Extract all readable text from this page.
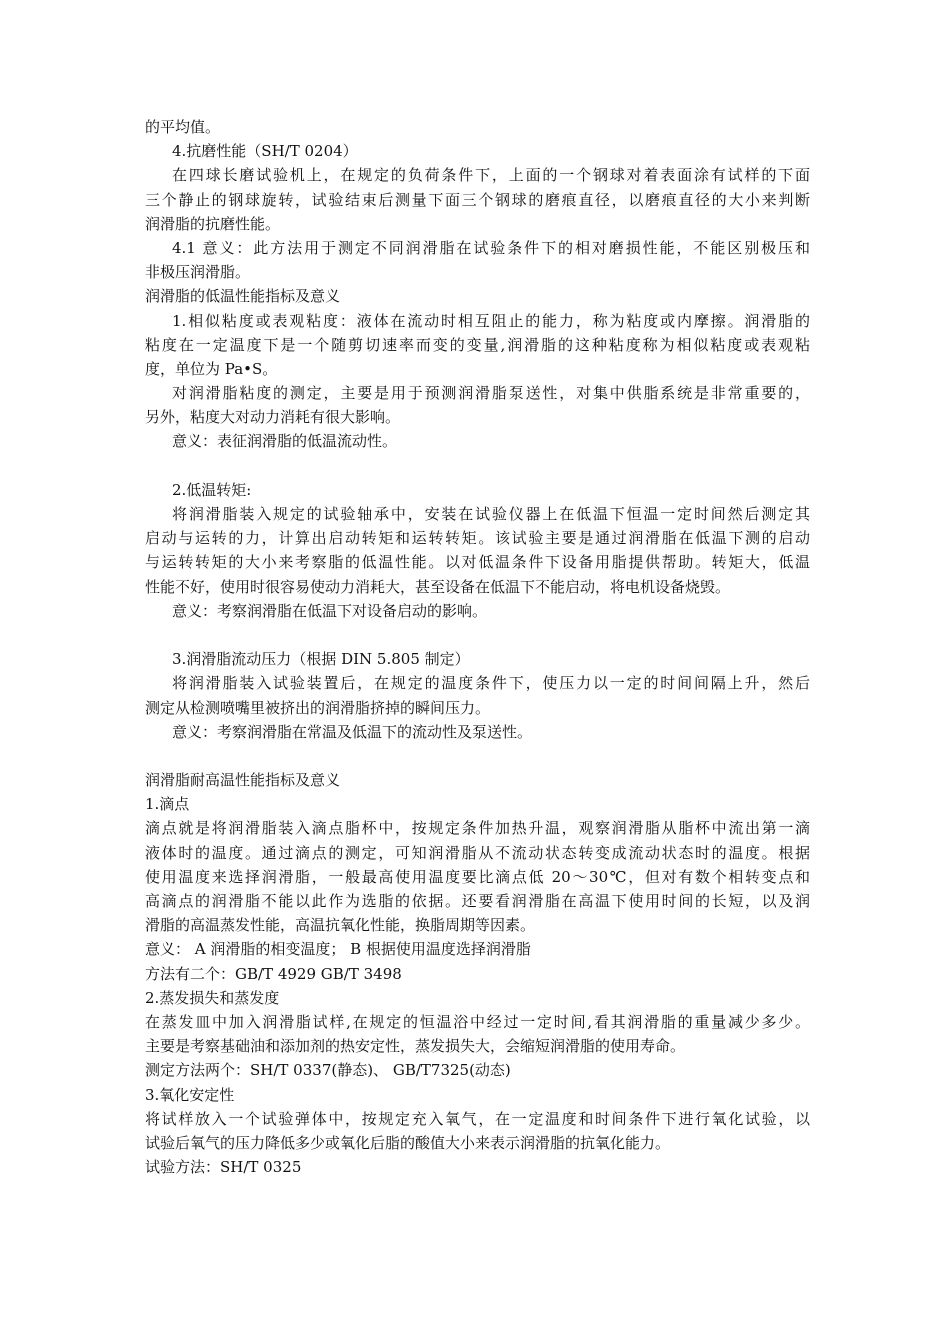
的平均值。
4.抗磨性能（SH/T 0204）
在四球长磨试验机上，在规定的负荷条件下，上面的一个钢球对着表面涂有试样的下面
三个静止的钢球旋转，试验结束后测量下面三个钢球的磨痕直径，以磨痕直径的大小来判断
润滑脂的抗磨性能。
4.1 意义：此方法用于测定不同润滑脂在试验条件下的相对磨损性能，不能区别极压和
非极压润滑脂。
润滑脂的低温性能指标及意义
1.相似粘度或表观粘度：液体在流动时相互阻止的能力，称为粘度或内摩擦。润滑脂的
粘度在一定温度下是一个随剪切速率而变的变量,润滑脂的这种粘度称为相似粘度或表观粘
度，单位为 Pa•S。
对润滑脂粘度的测定，主要是用于预测润滑脂泵送性，对集中供脂系统是非常重要的，
另外，粘度大对动力消耗有很大影响。
意义：表征润滑脂的低温流动性。
2.低温转矩:
将润滑脂装入规定的试验轴承中，安装在试验仪器上在低温下恒温一定时间然后测定其
启动与运转的力，计算出启动转矩和运转转矩。该试验主要是通过润滑脂在低温下测的启动
与运转转矩的大小来考察脂的低温性能。以对低温条件下设备用脂提供帮助。转矩大，低温
性能不好，使用时很容易使动力消耗大，甚至设备在低温下不能启动，将电机设备烧毁。
意义：考察润滑脂在低温下对设备启动的影响。
3.润滑脂流动压力（根据 DIN 5.805 制定）
将润滑脂装入试验装置后，在规定的温度条件下，使压力以一定的时间间隔上升，然后
测定从检测喷嘴里被挤出的润滑脂挤掉的瞬间压力。
意义：考察润滑脂在常温及低温下的流动性及泵送性。
润滑脂耐高温性能指标及意义
1.滴点
滴点就是将润滑脂装入滴点脂杯中，按规定条件加热升温，观察润滑脂从脂杯中流出第一滴
液体时的温度。通过滴点的测定，可知润滑脂从不流动状态转变成流动状态时的温度。根据
使用温度来选择润滑脂，一般最高使用温度要比滴点低 20～30℃，但对有数个相转变点和
高滴点的润滑脂不能以此作为选脂的依据。还要看润滑脂在高温下使用时间的长短，以及润
滑脂的高温蒸发性能，高温抗氧化性能，换脂周期等因素。
意义： A 润滑脂的相变温度； B 根据使用温度选择润滑脂
方法有二个：GB/T 4929 GB/T 3498
2.蒸发损失和蒸发度
在蒸发皿中加入润滑脂试样,在规定的恒温浴中经过一定时间,看其润滑脂的重量减少多少。
主要是考察基础油和添加剂的热安定性，蒸发损失大，会缩短润滑脂的使用寿命。
测定方法两个：SH/T 0337(静态)、 GB/T7325(动态)
3.氧化安定性
将试样放入一个试验弹体中，按规定充入氧气，在一定温度和时间条件下进行氧化试验，以
试验后氧气的压力降低多少或氧化后脂的酸值大小来表示润滑脂的抗氧化能力。
试验方法：SH/T 0325
